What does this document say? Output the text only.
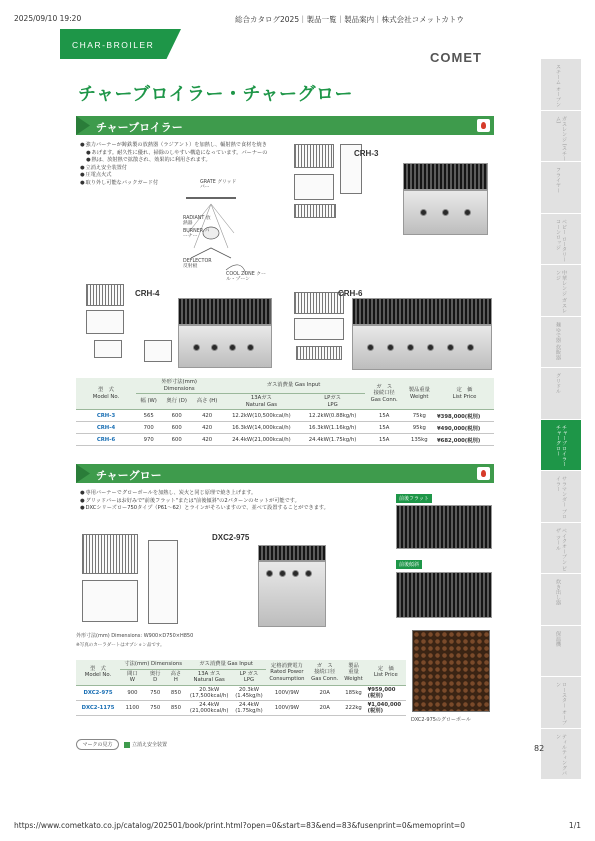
2025/09/10 19:20	総合カタログ2025｜製品一覧｜製品案内｜株式会社コメットカトウ
CHAR-BROILER
COMET
チャーブロイラー・チャーグロー
チャーブロイラー
● 強力バーナーが鋳鉄製の放熱器（ラジアント）を加熱し、輻射熱で食材を焼き
● あげます。耐久性に優れ、掃除のしやすい構造になっています。バーナーの
● 熱は、放射熱で拡散され、効果的に利用されます。
● 立消え安全装置付
● 圧電点火式
● 取り外し可能なバックガード付	GRATE グリッドバー
RADIANT 放熱器
BURNER バーナー
DEFLECTOR 反射板
COOL ZONE クール・ゾーン
CRH-3
CRH-4	CRH-6
型　式
Model No.	外形寸法(mm)
Dimensions			ガス消費量 Gas Input		ガ　ス
接続口径
Gas Conn.	製品重量
Weight	定　価
List Price
	幅 (W)	奥行 (D)	高さ (H)	13Aガス
Natural Gas	LPガス
LPG			
CRH-3	565	600	420	12.2kW(10,500kcal/h)	12.2kW(0.88kg/h)	15A	75kg	¥398,000(税別)
CRH-4	700	600	420	16.3kW(14,000kcal/h)	16.3kW(1.16kg/h)	15A	95kg	¥490,000(税別)
CRH-6	970	600	420	24.4kW(21,000kcal/h)	24.4kW(1.75kg/h)	15A	135kg	¥682,000(税別)
チャーグロー
● 専用バーナーでグローボールを加熱し、炭火と同じ原理で焼き上げます。
● グリッドバーはお好みで"前後フラット"または"前後傾斜"の2パターンのセットが可能です。
● DXCシリーズロー750タイプ（P61〜62）とラインがそろいますので、並べて設置することができます。
外形寸法(mm) Dimensions: W900×D750×H850
※写真のカーラダートはオプション品です。
DXC2-975
前後フラット
前後傾斜
DXC2-975のグローボール
型　式
Model No.	寸法(mm) Dimensions			ガス消費量 Gas Input		定格消費電力
Rated Power
Consumption	ガ　ス
接続口径
Gas Conn.	製品
重量
Weight	定　価
List Price
	間口
W	奥行
D	高さ
H	13A ガス
Natural Gas	LP ガス
LPG				
DXC2-975	900	750	850	20.3kW
(17,500kcal/h)	20.3kW
(1.45kg/h)	100V/9W	20A	185kg	¥959,000
(税別)
DXC2-1175	1100	750	850	24.4kW
(21,000kcal/h)	24.4kW
(1.75kg/h)	100V/9W	20A	222kg	¥1,040,000
(税別)
マークの見方	立消え安全装置
スチーム オーブン
ガスレンジ (スチーム)
フライヤー
ベビー ロータリー コーンロッジ
中華レンジ ガスレンジ
麺ゆで器 炊飯器
グリドル
チャーブロイラー チャーグロー
サラマンダー ブロイラー
ベイクオーブン ピザ ツール
炊き出し器
保温機
ロースター オーブン
ティルティングパン
82
https://www.cometkato.co.jp/catalog/202501/book/print.html?open=0&start=83&end=83&fusenprint=0&memoprint=0	1/1
